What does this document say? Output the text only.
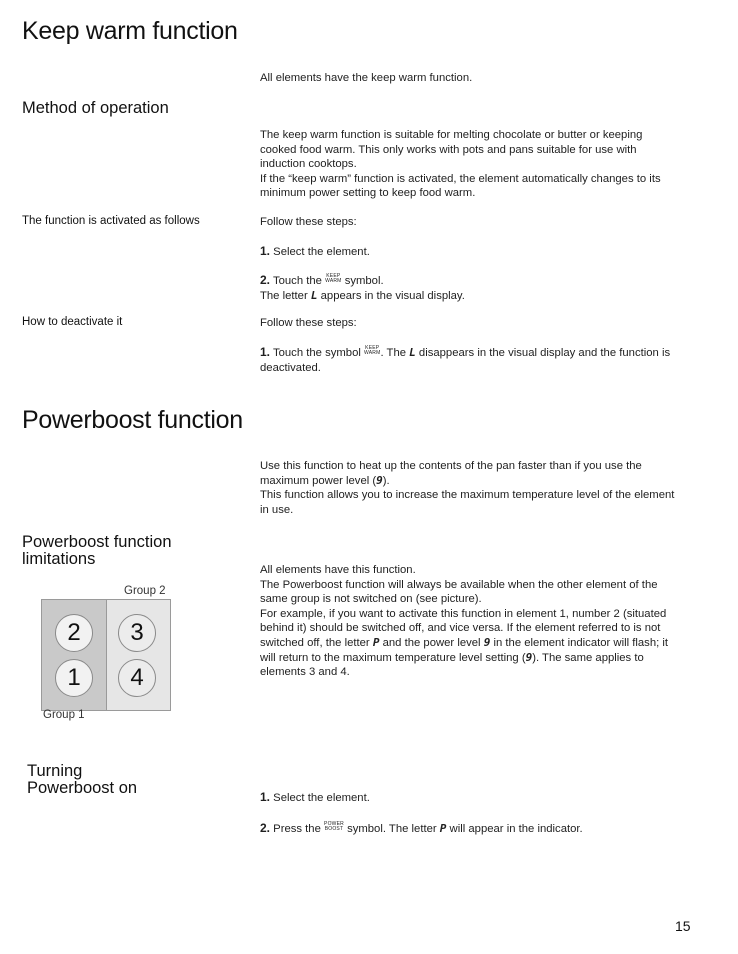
Keep warm function
All elements have the keep warm function.
Method of operation

The keep warm function is suitable for melting chocolate or butter or keeping

cooked food warm. This only works with pots and pans suitable for use with

induction cooktops.

If the “keep warm” function is activated, the element automatically changes to its

minimum power setting to keep food warm.

The function is activated as follows	Follow these steps:
1. Select the element.

2. Touch the KEEP
WARM symbol.

The letter L appears in the visual display.

How to deactivate it	Follow these steps:

1. Touch the symbol KEEP
WARM. The L disappears in the visual display and the function is

deactivated.

Powerboost function

Use this function to heat up the contents of the pan faster than if you use the

maximum power level (9).

This function allows you to increase the maximum temperature level of the element

in use.

Powerboost function
limitations

All elements have this function.

The Powerboost function will always be available when the other element of the

same group is not switched on (see picture).

For example, if you want to activate this function in element 1, number 2 (situated

behind it) should be switched off, and vice versa. If the element referred to is not

switched off, the letter P and the power level 9 in the element indicator will flash; it

will return to the maximum temperature level setting (9). The same applies to

elements 3 and 4.

Group 2
2
1
3
4
Group 1
Turning
Powerboost on	1. Select the element.
2. Press the POWER
BOOST symbol. The letter P will appear in the indicator.
15
